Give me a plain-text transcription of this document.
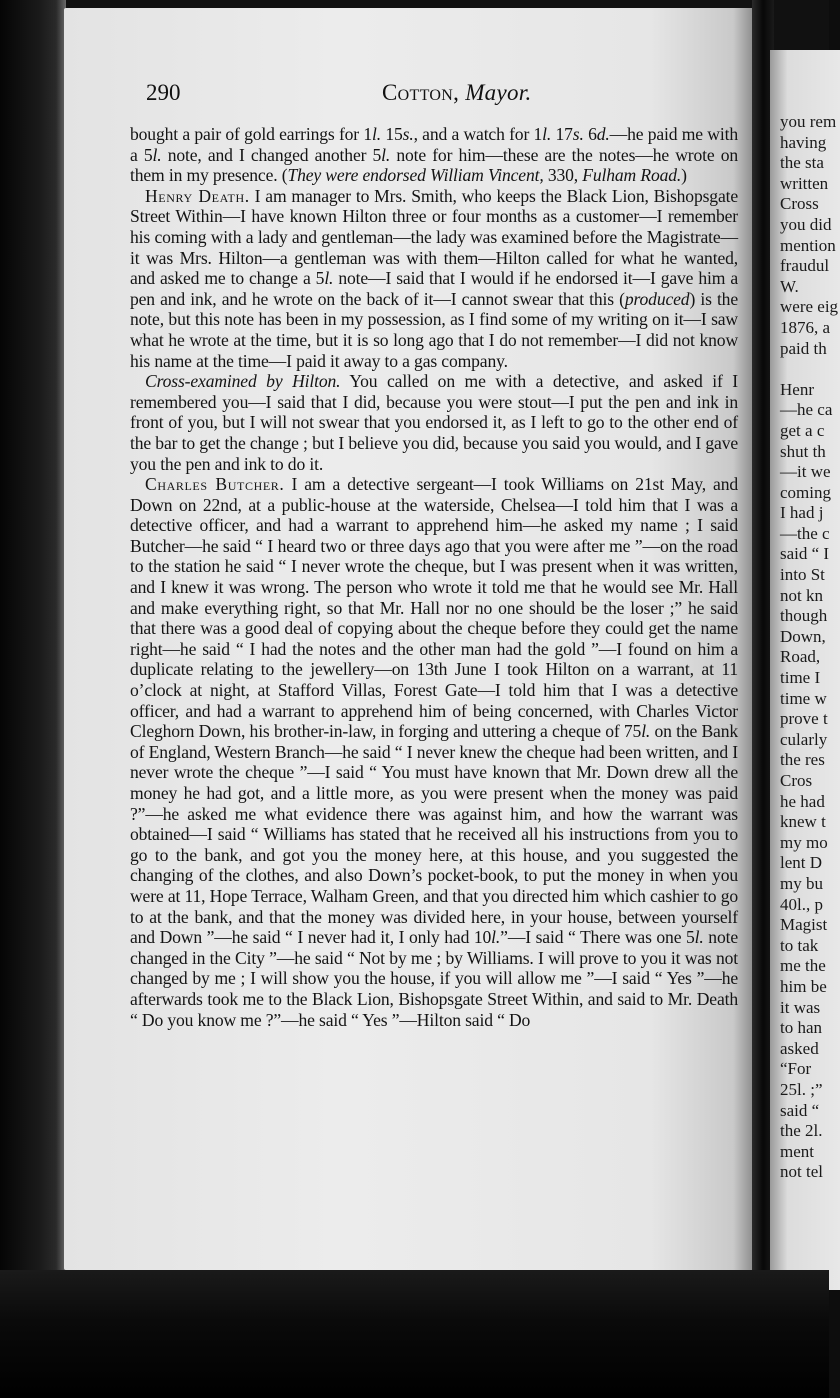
290	Cotton, Mayor.

bought a pair of gold earrings for 1l. 15s., and a watch for 1l. 17s. 6d.—he paid me with a 5l. note, and I changed another 5l. note for him—these are the notes—he wrote on them in my presence. (They were endorsed William Vincent, 330, Fulham Road.)

Henry Death. I am manager to Mrs. Smith, who keeps the Black Lion, Bishopsgate Street Within—I have known Hilton three or four months as a customer—I remember his coming with a lady and gentleman—the lady was examined before the Magistrate—it was Mrs. Hilton—a gentleman was with them—Hilton called for what he wanted, and asked me to change a 5l. note—I said that I would if he endorsed it—I gave him a pen and ink, and he wrote on the back of it—I cannot swear that this (produced) is the note, but this note has been in my possession, as I find some of my writing on it—I saw what he wrote at the time, but it is so long ago that I do not remember—I did not know his name at the time—I paid it away to a gas company.

Cross-examined by Hilton. You called on me with a detective, and asked if I remembered you—I said that I did, because you were stout—I put the pen and ink in front of you, but I will not swear that you endorsed it, as I left to go to the other end of the bar to get the change ; but I believe you did, because you said you would, and I gave you the pen and ink to do it.

Charles Butcher. I am a detective sergeant—I took Williams on 21st May, and Down on 22nd, at a public-house at the waterside, Chelsea—I told him that I was a detective officer, and had a warrant to apprehend him—he asked my name ; I said Butcher—he said “ I heard two or three days ago that you were after me ”—on the road to the station he said “ I never wrote the cheque, but I was present when it was written, and I knew it was wrong. The person who wrote it told me that he would see Mr. Hall and make everything right, so that Mr. Hall nor no one should be the loser ;” he said that there was a good deal of copying about the cheque before they could get the name right—he said “ I had the notes and the other man had the gold ”—I found on him a duplicate relating to the jewellery—on 13th June I took Hilton on a warrant, at 11 o’clock at night, at Stafford Villas, Forest Gate—I told him that I was a detective officer, and had a warrant to apprehend him of being concerned, with Charles Victor Cleghorn Down, his brother-in-law, in forging and uttering a cheque of 75l. on the Bank of England, Western Branch—he said “ I never knew the cheque had been written, and I never wrote the cheque ”—I said “ You must have known that Mr. Down drew all the money he had got, and a little more, as you were present when the money was paid ?”—he asked me what evidence there was against him, and how the warrant was obtained—I said “ Williams has stated that he received all his instructions from you to go to the bank, and got you the money here, at this house, and you suggested the changing of the clothes, and also Down’s pocket-book, to put the money in when you were at 11, Hope Terrace, Walham Green, and that you directed him which cashier to go to at the bank, and that the money was divided here, in your house, between yourself and Down ”—he said “ I never had it, I only had 10l.”—I said “ There was one 5l. note changed in the City ”—he said “ Not by me ; by Williams. I will prove to you it was not changed by me ; I will show you the house, if you will allow me ”—I said “ Yes ”—he afterwards took me to the Black Lion, Bishopsgate Street Within, and said to Mr. Death “ Do you know me ?”—he said “ Yes ”—Hilton said “ Do

you rem
having
the sta
written
Cross
you did
mention
fraudul
W.
were eig
1876, a
paid th
Henr
—he ca
get a c
shut th
—it we
coming
I had j
—the c
said “ I
into St
not kn
though
Down,
Road,
time I
time w
prove t
cularly
the res
Cros
he had
knew t
my mo
lent D
my bu
40l., p
Magist
to tak
me the
him be
it was
to han
asked
“For
25l. ;”
said “
the 2l.
ment
not tel
